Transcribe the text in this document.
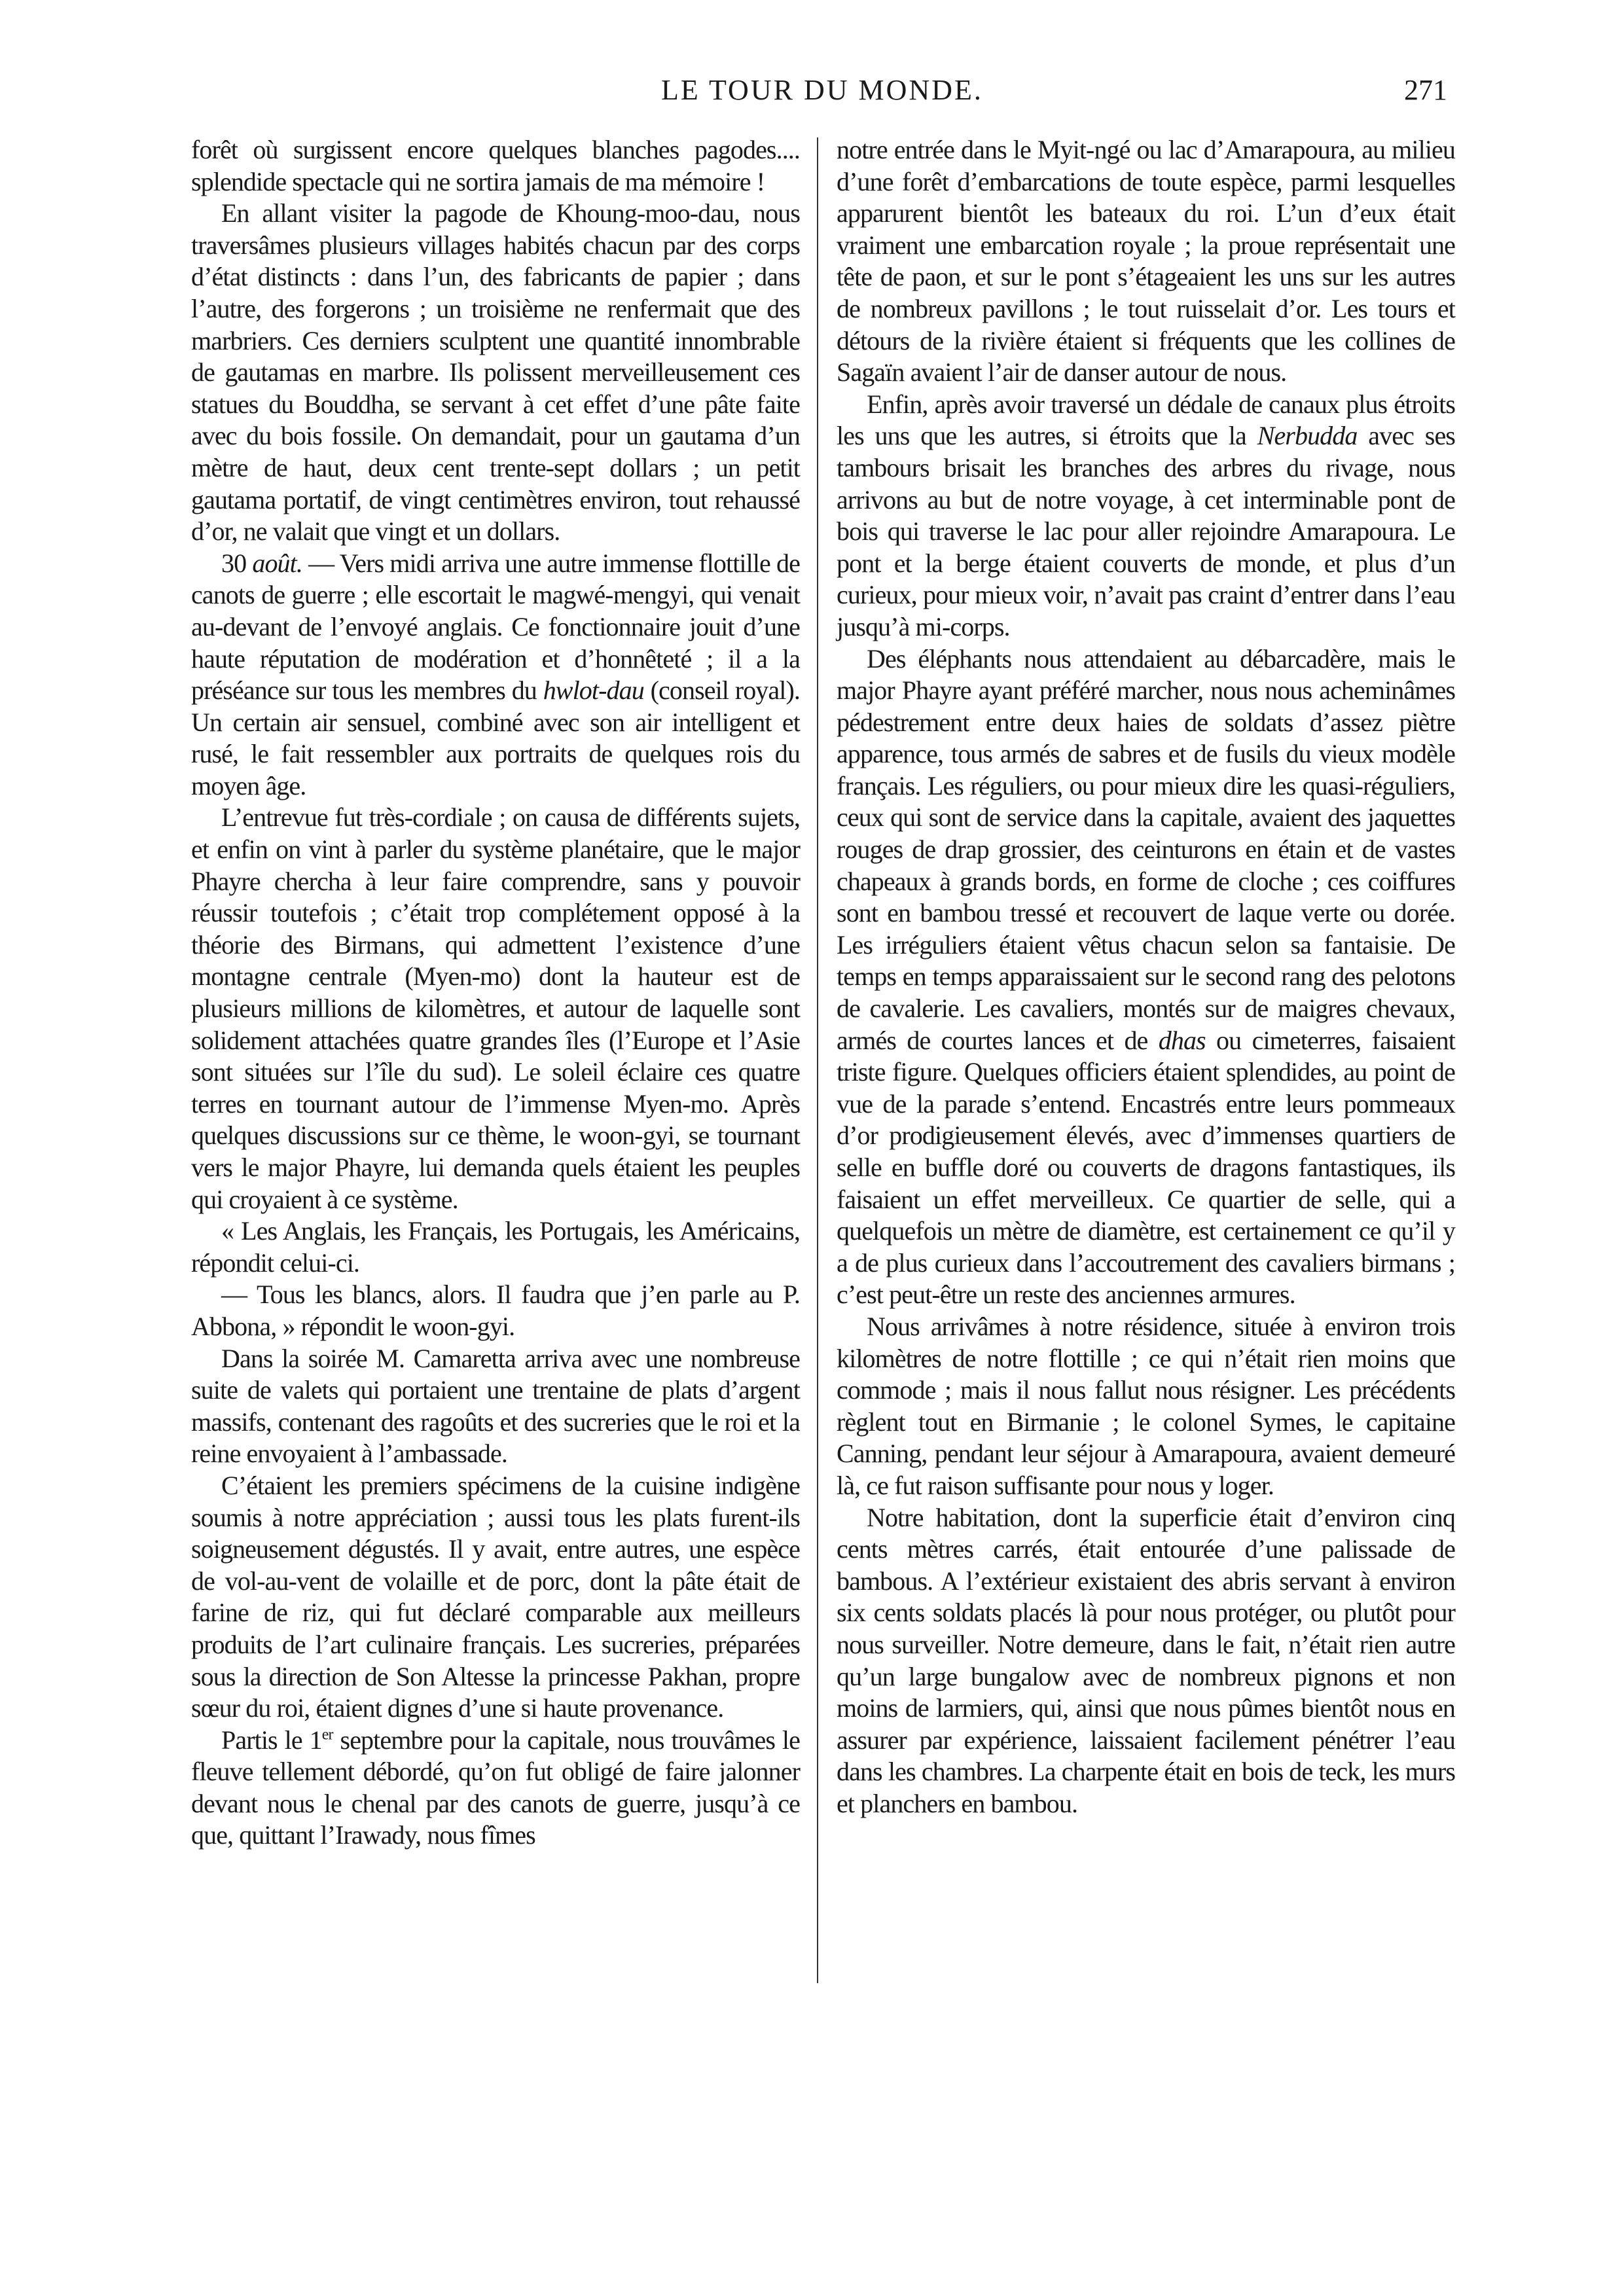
LE TOUR DU MONDE.	271

forêt où surgissent encore quelques blanches pagodes.... splendide spectacle qui ne sortira jamais de ma mémoire !

En allant visiter la pagode de Khoung-moo-dau, nous traversâmes plusieurs villages habités chacun par des corps d’état distincts : dans l’un, des fabricants de papier ; dans l’autre, des forgerons ; un troisième ne renfermait que des marbriers. Ces derniers sculptent une quantité innombrable de gautamas en marbre. Ils polissent merveilleusement ces statues du Bouddha, se servant à cet effet d’une pâte faite avec du bois fossile. On demandait, pour un gautama d’un mètre de haut, deux cent trente-sept dollars ; un petit gautama portatif, de vingt centimètres environ, tout rehaussé d’or, ne valait que vingt et un dollars.

30 août. — Vers midi arriva une autre immense flottille de canots de guerre ; elle escortait le magwé-mengyi, qui venait au-devant de l’envoyé anglais. Ce fonctionnaire jouit d’une haute réputation de modération et d’honnêteté ; il a la préséance sur tous les membres du hwlot-dau (conseil royal). Un certain air sensuel, combiné avec son air intelligent et rusé, le fait ressembler aux portraits de quelques rois du moyen âge.

L’entrevue fut très-cordiale ; on causa de différents sujets, et enfin on vint à parler du système planétaire, que le major Phayre chercha à leur faire comprendre, sans y pouvoir réussir toutefois ; c’était trop complétement opposé à la théorie des Birmans, qui admettent l’existence d’une montagne centrale (Myen-mo) dont la hauteur est de plusieurs millions de kilomètres, et autour de laquelle sont solidement attachées quatre grandes îles (l’Europe et l’Asie sont situées sur l’île du sud). Le soleil éclaire ces quatre terres en tournant autour de l’immense Myen-mo. Après quelques discussions sur ce thème, le woon-gyi, se tournant vers le major Phayre, lui demanda quels étaient les peuples qui croyaient à ce système.

« Les Anglais, les Français, les Portugais, les Américains, répondit celui-ci.

— Tous les blancs, alors. Il faudra que j’en parle au P. Abbona, » répondit le woon-gyi.

Dans la soirée M. Camaretta arriva avec une nombreuse suite de valets qui portaient une trentaine de plats d’argent massifs, contenant des ragoûts et des sucreries que le roi et la reine envoyaient à l’ambassade.

C’étaient les premiers spécimens de la cuisine indigène soumis à notre appréciation ; aussi tous les plats furent-ils soigneusement dégustés. Il y avait, entre autres, une espèce de vol-au-vent de volaille et de porc, dont la pâte était de farine de riz, qui fut déclaré comparable aux meilleurs produits de l’art culinaire français. Les sucreries, préparées sous la direction de Son Altesse la princesse Pakhan, propre sœur du roi, étaient dignes d’une si haute provenance.

Partis le 1er septembre pour la capitale, nous trouvâmes le fleuve tellement débordé, qu’on fut obligé de faire jalonner devant nous le chenal par des canots de guerre, jusqu’à ce que, quittant l’Irawady, nous fîmes

notre entrée dans le Myit-ngé ou lac d’Amarapoura, au milieu d’une forêt d’embarcations de toute espèce, parmi lesquelles apparurent bientôt les bateaux du roi. L’un d’eux était vraiment une embarcation royale ; la proue représentait une tête de paon, et sur le pont s’étageaient les uns sur les autres de nombreux pavillons ; le tout ruisselait d’or. Les tours et détours de la rivière étaient si fréquents que les collines de Sagaïn avaient l’air de danser autour de nous.

Enfin, après avoir traversé un dédale de canaux plus étroits les uns que les autres, si étroits que la Nerbudda avec ses tambours brisait les branches des arbres du rivage, nous arrivons au but de notre voyage, à cet interminable pont de bois qui traverse le lac pour aller rejoindre Amarapoura. Le pont et la berge étaient couverts de monde, et plus d’un curieux, pour mieux voir, n’avait pas craint d’entrer dans l’eau jusqu’à mi-corps.

Des éléphants nous attendaient au débarcadère, mais le major Phayre ayant préféré marcher, nous nous acheminâmes pédestrement entre deux haies de soldats d’assez piètre apparence, tous armés de sabres et de fusils du vieux modèle français. Les réguliers, ou pour mieux dire les quasi-réguliers, ceux qui sont de service dans la capitale, avaient des jaquettes rouges de drap grossier, des ceinturons en étain et de vastes chapeaux à grands bords, en forme de cloche ; ces coiffures sont en bambou tressé et recouvert de laque verte ou dorée. Les irréguliers étaient vêtus chacun selon sa fantaisie. De temps en temps apparaissaient sur le second rang des pelotons de cavalerie. Les cavaliers, montés sur de maigres chevaux, armés de courtes lances et de dhas ou cimeterres, faisaient triste figure. Quelques officiers étaient splendides, au point de vue de la parade s’entend. Encastrés entre leurs pommeaux d’or prodigieusement élevés, avec d’immenses quartiers de selle en buffle doré ou couverts de dragons fantastiques, ils faisaient un effet merveilleux. Ce quartier de selle, qui a quelquefois un mètre de diamètre, est certainement ce qu’il y a de plus curieux dans l’accoutrement des cavaliers birmans ; c’est peut-être un reste des anciennes armures.

Nous arrivâmes à notre résidence, située à environ trois kilomètres de notre flottille ; ce qui n’était rien moins que commode ; mais il nous fallut nous résigner. Les précédents règlent tout en Birmanie ; le colonel Symes, le capitaine Canning, pendant leur séjour à Amarapoura, avaient demeuré là, ce fut raison suffisante pour nous y loger.

Notre habitation, dont la superficie était d’environ cinq cents mètres carrés, était entourée d’une palissade de bambous. A l’extérieur existaient des abris servant à environ six cents soldats placés là pour nous protéger, ou plutôt pour nous surveiller. Notre demeure, dans le fait, n’était rien autre qu’un large bungalow avec de nombreux pignons et non moins de larmiers, qui, ainsi que nous pûmes bientôt nous en assurer par expérience, laissaient facilement pénétrer l’eau dans les chambres. La charpente était en bois de teck, les murs et planchers en bambou.
